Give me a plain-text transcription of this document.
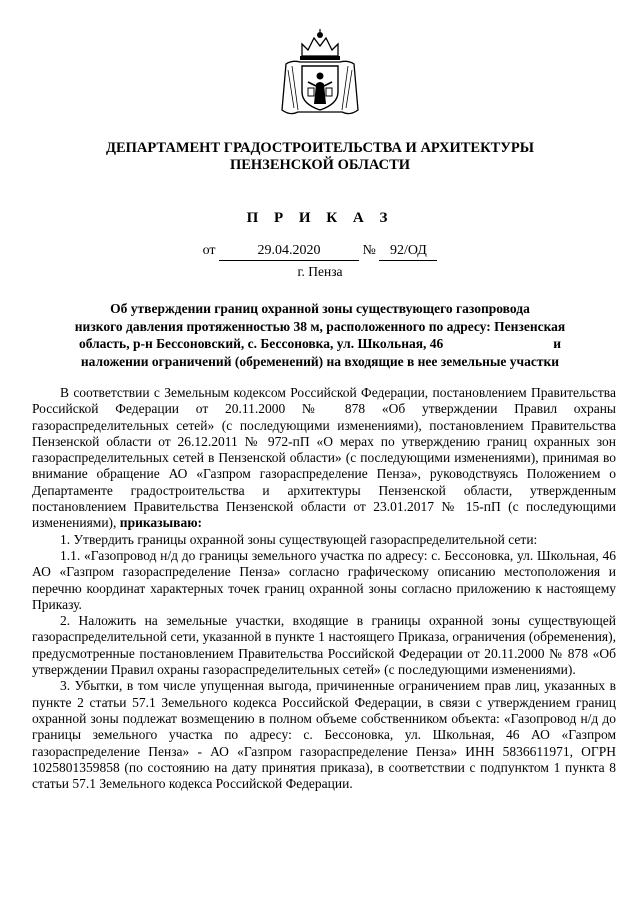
ДЕПАРТАМЕНТ ГРАДОСТРОИТЕЛЬСТВА И АРХИТЕКТУРЫ
ПЕНЗЕНСКОЙ ОБЛАСТИ
П Р И К А З
от	29.04.2020	№ 92/ОД
г. Пенза
Об утверждении границ охранной зоны существующего газопровода
низкого давления протяженностью 38 м, расположенного по адресу: Пензенская
область, р-н Бессоновский, с. Бессоновка, ул. Школьная, 46	и
наложении ограничений (обременений) на входящие в нее земельные участки

В соответствии с Земельным кодексом Российской Федерации, постановлением Правительства Российской Федерации от 20.11.2000 № 878 «Об утверждении Правил охраны газораспределительных сетей» (с последующими изменениями), постановлением Правительства Пензенской области от 26.12.2011 № 972-пП «О мерах по утверждению границ охранных зон газораспределительных сетей в Пензенской области» (с последующими изменениями), принимая во внимание обращение АО «Газпром газораспределение Пенза», руководствуясь Положением о Департаменте градостроительства и архитектуры Пензенской области, утвержденным постановлением Правительства Пензенской области от 23.01.2017 № 15-пП (с последующими изменениями), приказываю:

1. Утвердить границы охранной зоны существующей газораспределительной сети:

1.1. «Газопровод н/д до границы земельного участка по адресу: с. Бессоновка, ул. Школьная, 46 АО «Газпром газораспределение Пенза» согласно графическому описанию местоположения и перечню координат характерных точек границ охранной зоны согласно приложению к настоящему Приказу.

2. Наложить на земельные участки, входящие в границы охранной зоны существующей газораспределительной сети, указанной в пункте 1 настоящего Приказа, ограничения (обременения), предусмотренные постановлением Правительства Российской Федерации от 20.11.2000 № 878 «Об утверждении Правил охраны газораспределительных сетей» (с последующими изменениями).

3. Убытки, в том числе упущенная выгода, причиненные ограничением прав лиц, указанных в пункте 2 статьи 57.1 Земельного кодекса Российской Федерации, в связи с утверждением границ охранной зоны подлежат возмещению в полном объеме собственником объекта: «Газопровод н/д до границы земельного участка по адресу: с. Бессоновка, ул. Школьная, 46 АО «Газпром газораспределение Пенза» - АО «Газпром газораспределение Пенза» ИНН 5836611971, ОГРН 1025801359858 (по состоянию на дату принятия приказа), в соответствии с подпунктом 1 пункта 8 статьи 57.1 Земельного кодекса Российской Федерации.
